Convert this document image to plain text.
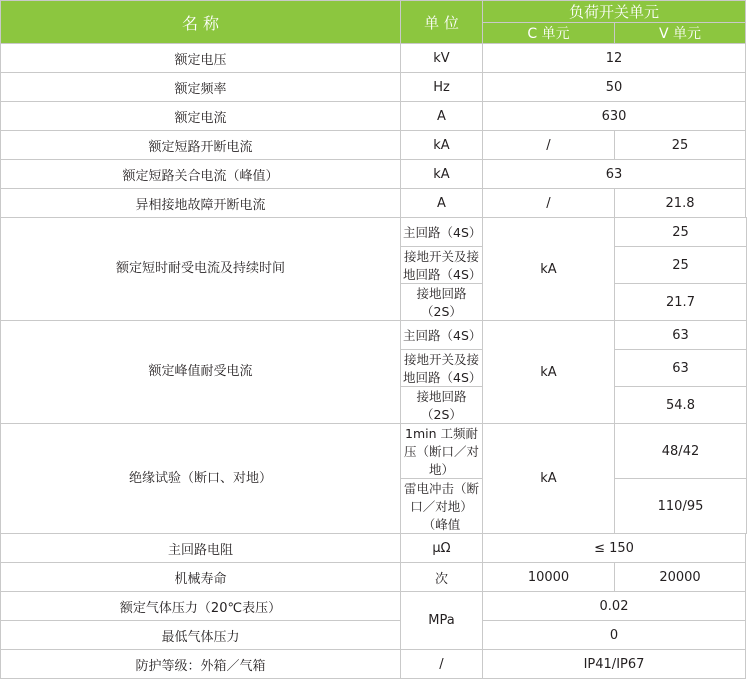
名 称	单 位	负荷开关单元	
		C 单元	V 单元
额定电压	kV	12	
额定频率	Hz	50	
额定电流	A	630	
额定短路开断电流	kA	/	25
额定短路关合电流（峰值）	kA	63	
异相接地故障开断电流	A	/	21.8
额定短时耐受电流及持续时间	主回路（4S）	kA	25
	接地开关及接地回路（4S）		25
	接地回路（2S）		21.7
额定峰值耐受电流	主回路（4S）	kA	63
	接地开关及接地回路（4S）		63
	接地回路（2S）		54.8
绝缘试验（断口、对地）	1min 工频耐压（断口／对地）	kA	48/42
	雷电冲击（断口／对地）（峰值		110/95
主回路电阻	μΩ	≤ 150	
机械寿命	次	10000	20000
额定气体压力（20℃表压）	MPa	0.02	
最低气体压力		0	
防护等级：外箱／气箱	/	IP41/IP67	
